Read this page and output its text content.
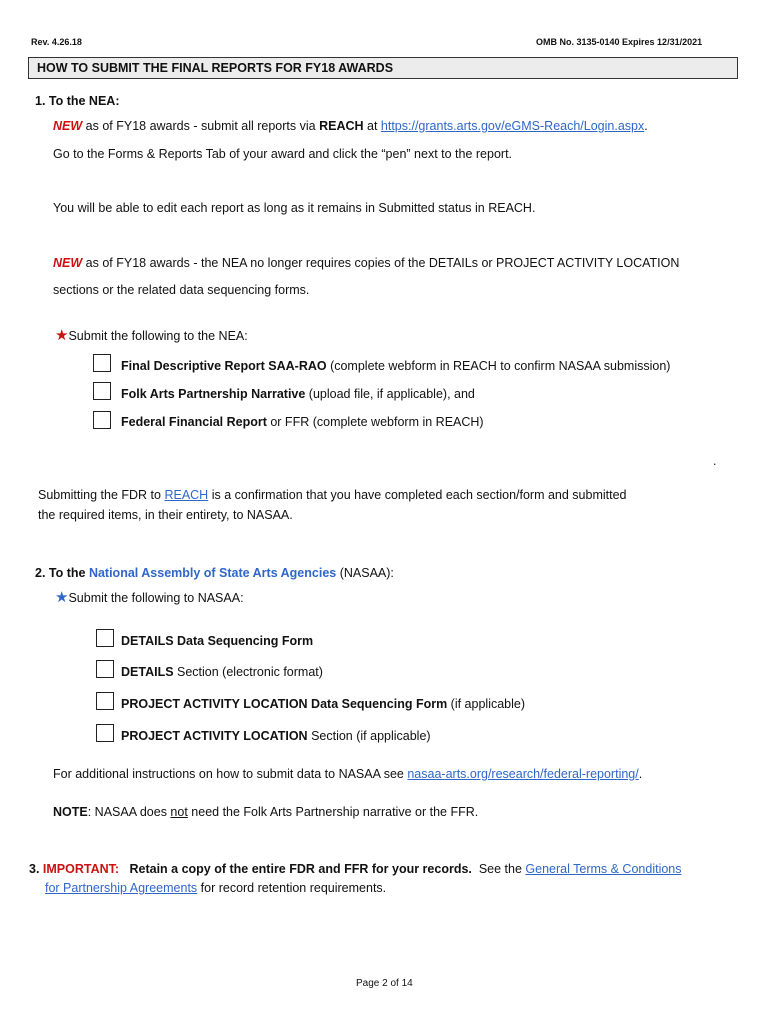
Rev. 4.26.18	OMB No. 3135-0140 Expires 12/31/2021
HOW TO SUBMIT THE FINAL REPORTS FOR FY18 AWARDS
1. To the NEA:
NEW as of FY18 awards - submit all reports via REACH at https://grants.arts.gov/eGMS-Reach/Login.aspx.
Go to the Forms & Reports Tab of your award and click the “pen” next to the report.
You will be able to edit each report as long as it remains in Submitted status in REACH.
NEW as of FY18 awards - the NEA no longer requires copies of the DETAILs or PROJECT ACTIVITY LOCATION
sections or the related data sequencing forms.
★Submit the following to the NEA:
Final Descriptive Report SAA-RAO (complete webform in REACH to confirm NASAA submission)
Folk Arts Partnership Narrative (upload file, if applicable), and
Federal Financial Report or FFR (complete webform in REACH)
.
Submitting the FDR to REACH is a confirmation that you have completed each section/form and submitted
the required items, in their entirety, to NASAA.
2. To the National Assembly of State Arts Agencies (NASAA):
★Submit the following to NASAA:
DETAILS Data Sequencing Form
DETAILS Section (electronic format)
PROJECT ACTIVITY LOCATION Data Sequencing Form (if applicable)
PROJECT ACTIVITY LOCATION Section (if applicable)
For additional instructions on how to submit data to NASAA see nasaa-arts.org/research/federal-reporting/.
NOTE: NASAA does not need the Folk Arts Partnership narrative or the FFR.
3. IMPORTANT:   Retain a copy of the entire FDR and FFR for your records.  See the General Terms & Conditions
for Partnership Agreements for record retention requirements.
Page 2 of 14
